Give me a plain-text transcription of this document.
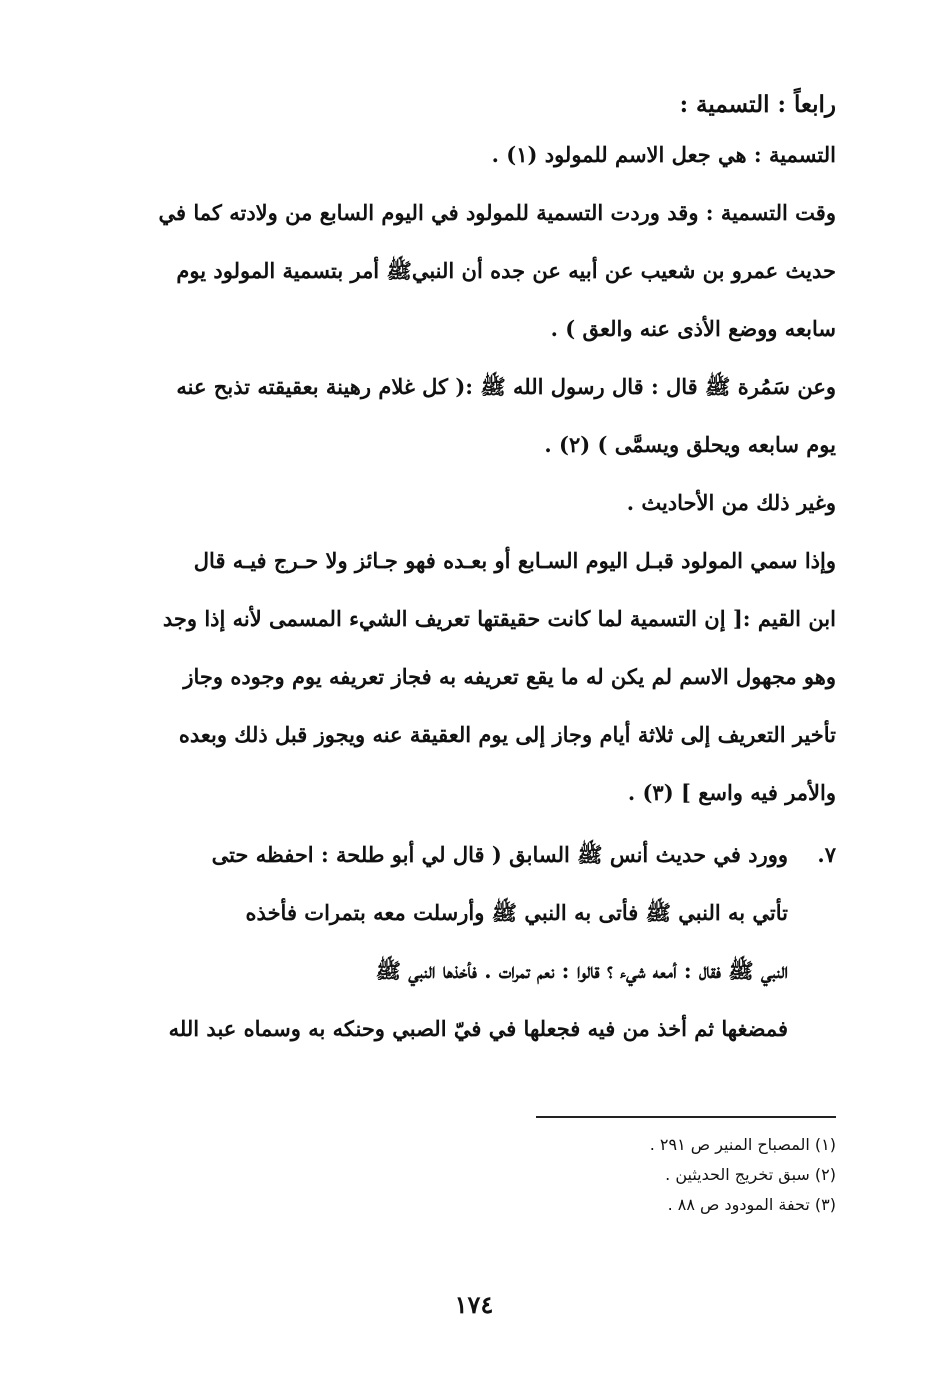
رابعاً : التسمية :
التسمية : هي جعل الاسم للمولود (١) .
وقت التسمية : وقد وردت التسمية للمولود في اليوم السابع من ولادته كما في
حديث عمرو بن شعيب عن أبيه عن جده أن النبيﷺ أمر بتسمية المولود يوم
سابعه ووضع الأذى عنه والعق ) .
وعن سَمُرة ﷺ قال : قال رسول الله ﷺ :( كل غلام رهينة بعقيقته تذبح عنه
يوم سابعه ويحلق ويسمَّى ) (٢) .
وغير ذلك من الأحاديث .
وإذا سمي المولود قبـل اليوم السـابع أو بعـده فهو جـائز ولا حـرج فيـه قال
ابن القيم :[ إن التسمية لما كانت حقيقتها تعريف الشيء المسمى لأنه إذا وجد
وهو مجهول الاسم لم يكن له ما يقع تعريفه به فجاز تعريفه يوم وجوده وجاز
تأخير التعريف إلى ثلاثة أيام وجاز إلى يوم العقيقة عنه ويجوز قبل ذلك وبعده
والأمر فيه واسع ] (٣) .
٧.
وورد في حديث أنس ﷺ السابق ( قال لي أبو طلحة : احفظه حتى
تأتي به النبي ﷺ فأتى به النبي ﷺ وأرسلت معه بتمرات فأخذه
النبي ﷺ فقال : أمعه شيء ؟ قالوا : نعم تمرات . فأخذها النبي ﷺ
فمضغها ثم أخذ من فيه فجعلها في فيّ الصبي وحنكه به وسماه عبد الله
(١) المصباح المنير ص ٢٩١ .
(٢) سبق تخريج الحديثين .
(٣) تحفة المودود ص ٨٨ .
١٧٤
